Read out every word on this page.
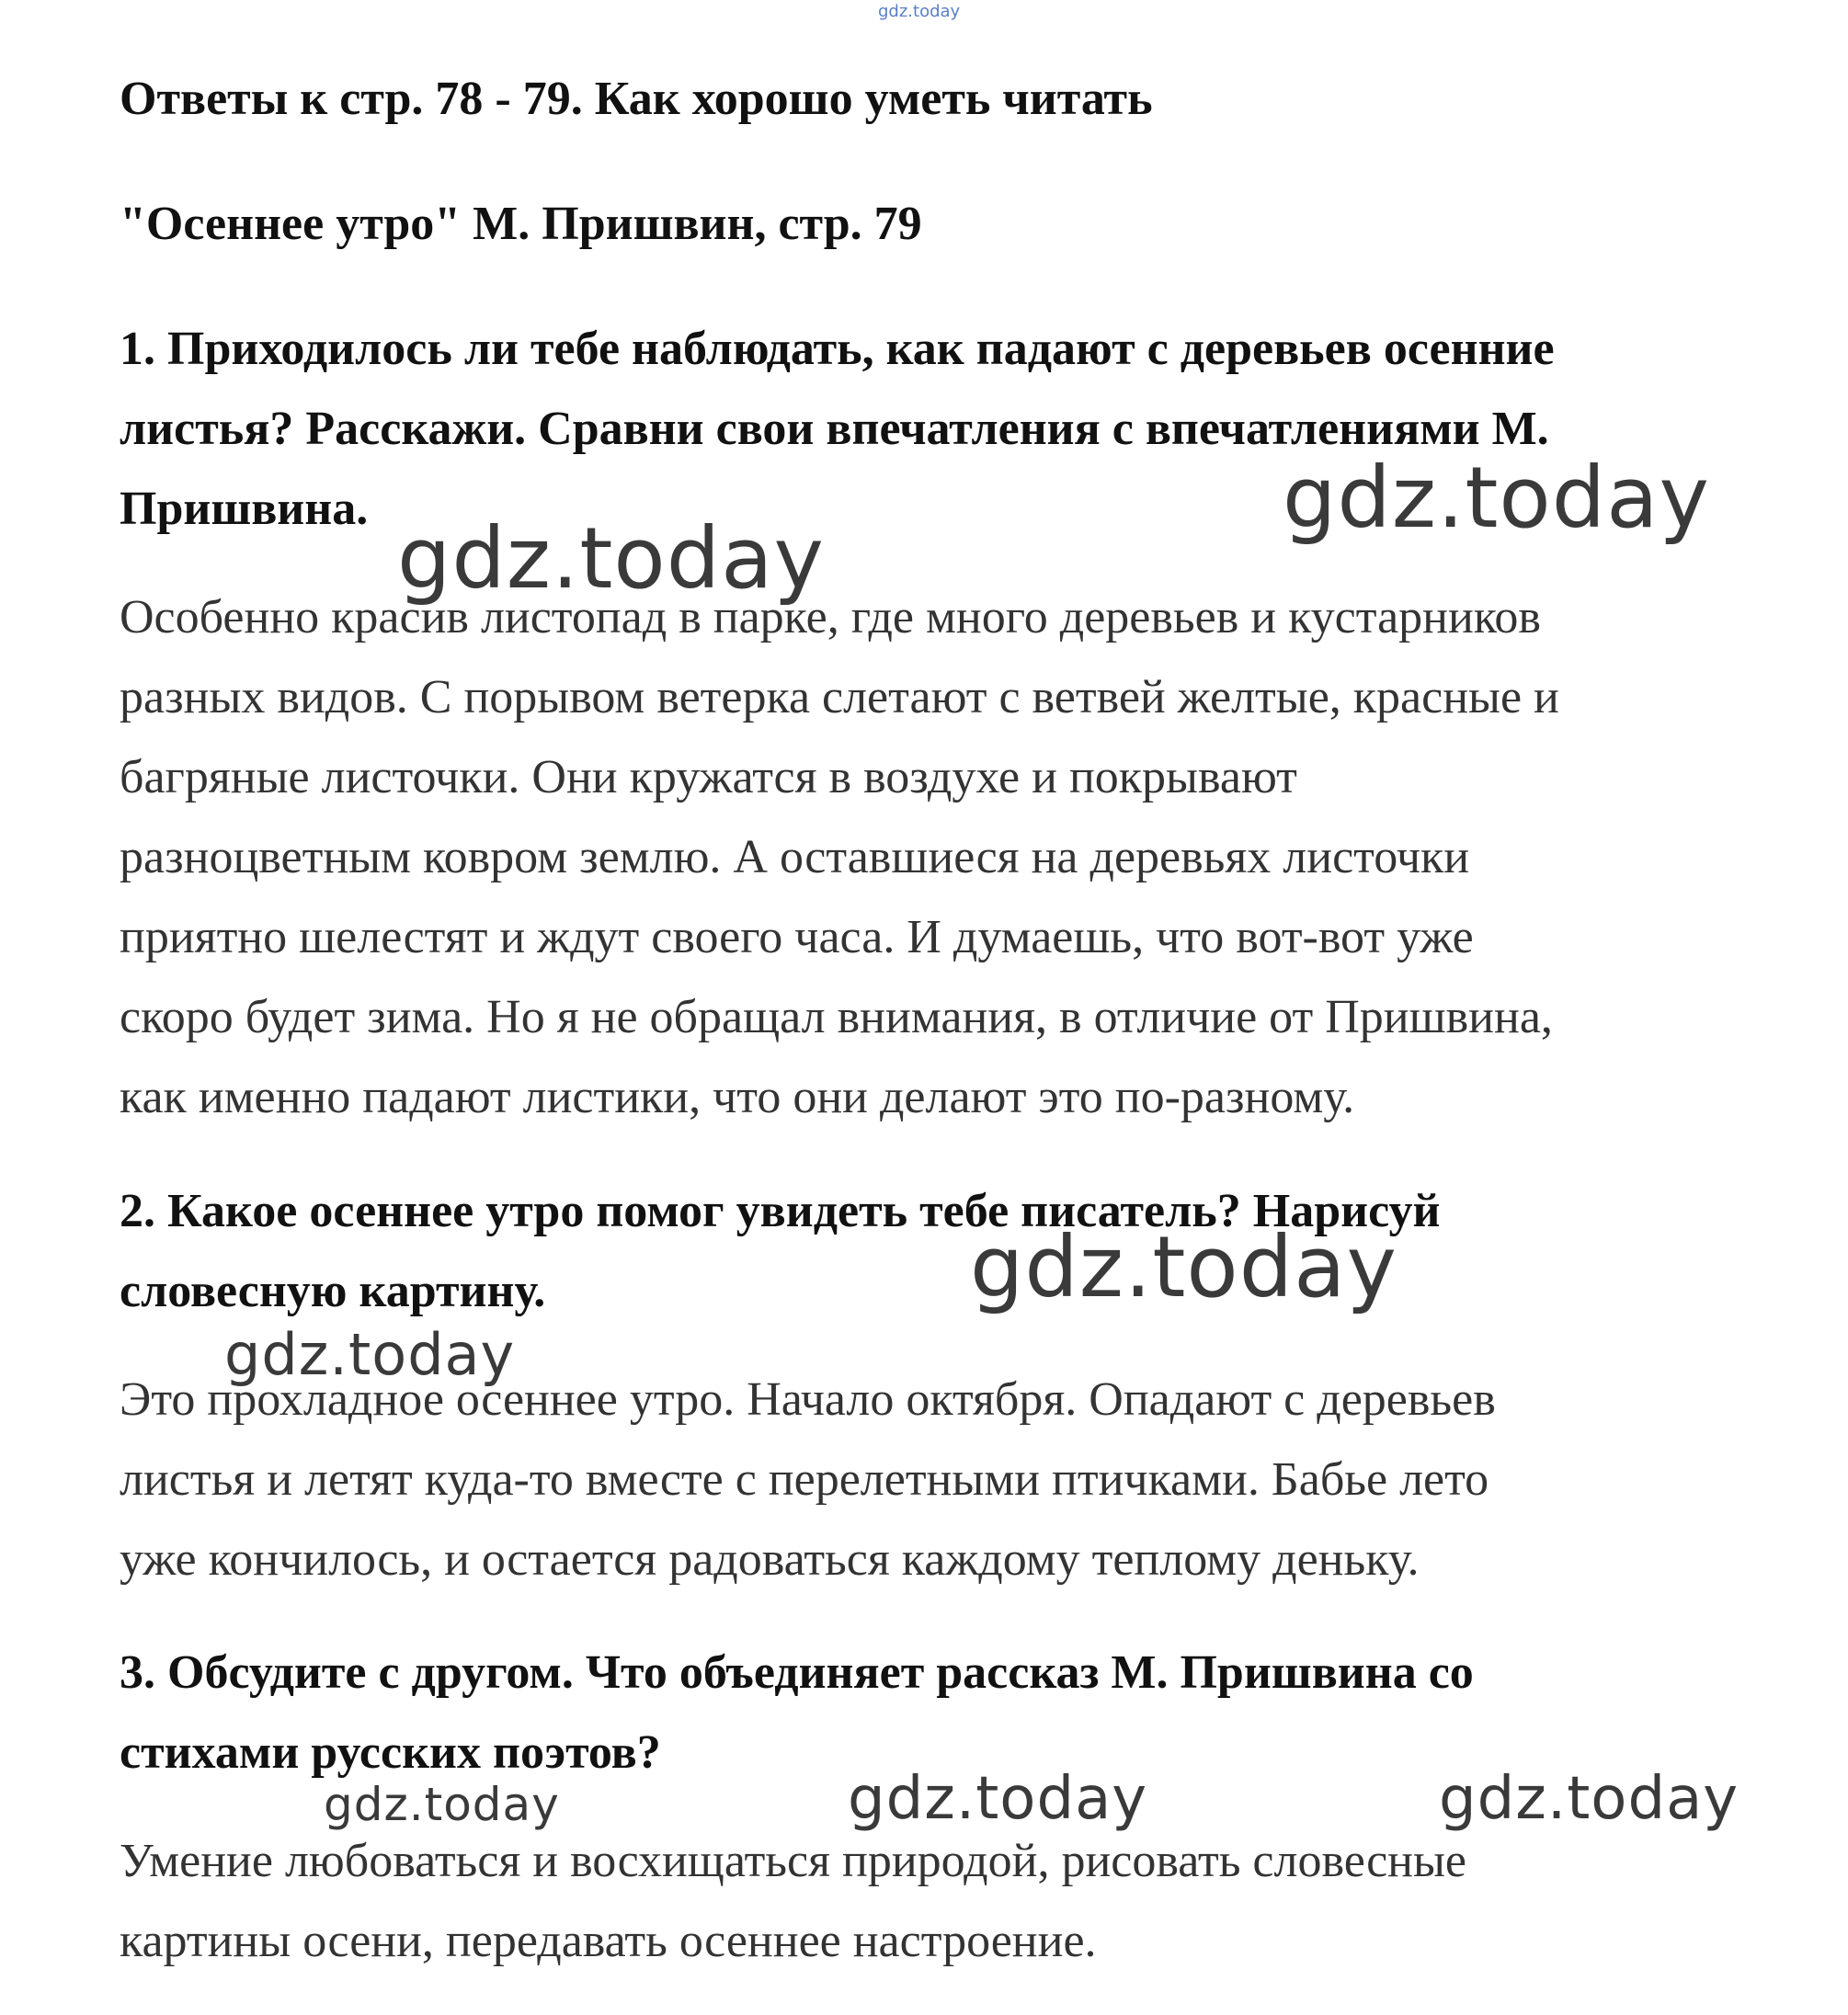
gdz.today
Ответы к стр. 78 - 79. Как хорошо уметь читать
"Осеннее утро" М. Пришвин, стр. 79
1. Приходилось ли тебе наблюдать, как падают с деревьев осенние
листья? Расскажи. Сравни свои впечатления с впечатлениями М.
Пришвина.
Особенно красив листопад в парке, где много деревьев и кустарников
разных видов. С порывом ветерка слетают с ветвей желтые, красные и
багряные листочки. Они кружатся в воздухе и покрывают
разноцветным ковром землю. А оставшиеся на деревьях листочки
приятно шелестят и ждут своего часа. И думаешь, что вот-вот уже
скоро будет зима. Но я не обращал внимания, в отличие от Пришвина,
как именно падают листики, что они делают это по-разному.
2. Какое осеннее утро помог увидеть тебе писатель? Нарисуй
словесную картину.
Это прохладное осеннее утро. Начало октября. Опадают с деревьев
листья и летят куда-то вместе с перелетными птичками. Бабье лето
уже кончилось, и остается радоваться каждому теплому деньку.
3. Обсудите с другом. Что объединяет рассказ М. Пришвина со
стихами русских поэтов?
Умение любоваться и восхищаться природой, рисовать словесные
картины осени, передавать осеннее настроение.
gdz.today
gdz.today
gdz.today
gdz.today
gdz.today	gdz.today	gdz.today
